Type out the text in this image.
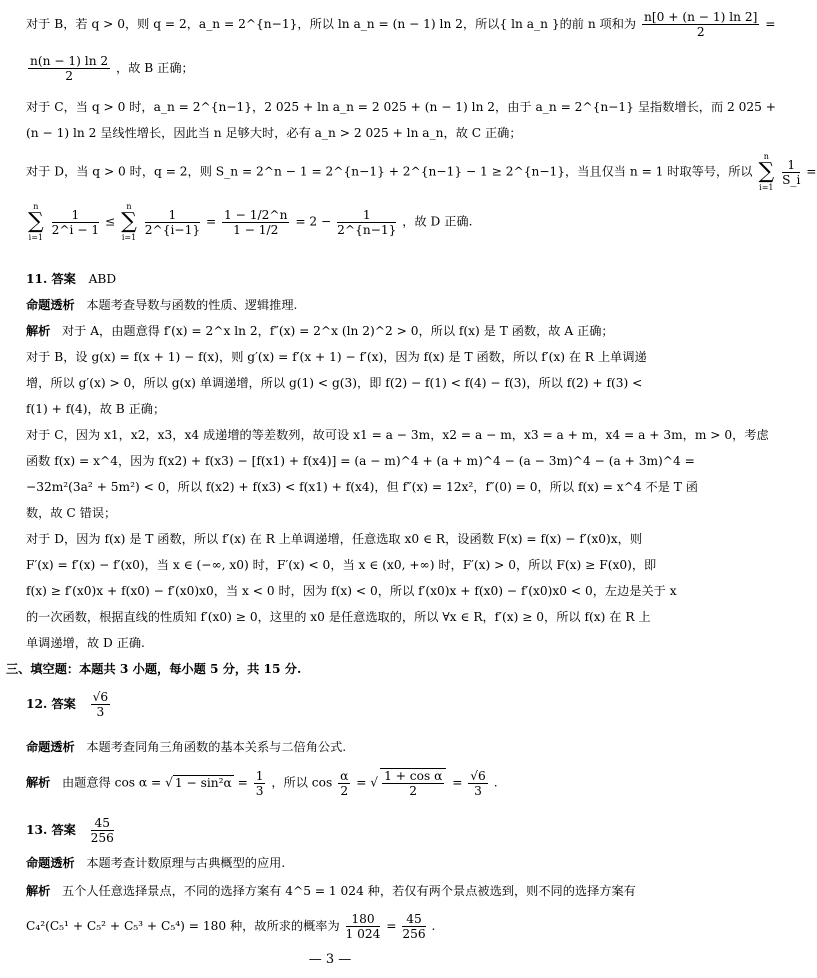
对于 B，若 q > 0，则 q = 2，a_n = 2^{n−1}，所以 ln a_n = (n − 1) ln 2，所以{ ln a_n }的前 n 项和为 $\frac{n[0 + (n - 1) \ln 2]}{2}$ =
$\frac{n(n - 1) \ln 2}{2}$ ，故 B 正确；
对于 C，当 q > 0 时，a_n = 2^{n−1}，2 025 + ln a_n = 2 025 + (n − 1) ln 2，由于 a_n = 2^{n−1} 呈指数增长，而 2 025 +
(n − 1) ln 2 呈线性增长，因此当 n 足够大时，必有 a_n > 2 025 + ln a_n，故 C 正确；
对于 D，当 q > 0 时，q = 2，则 S_n = 2^n − 1 = 2^{n−1} + 2^{n−1} − 1 ≥ 2^{n−1}，当且仅当 n = 1 时取等号，所以
n
∑
i=1

$\frac{1}{S\_i}$ =
n
∑
i=1

$\frac{1}{2\^{}i - 1}$ ≤
n
∑
i=1

$\frac{1}{2\^{}\{i-1\}} = \frac{1 - 1/2\^{}n}{1 - 1/2} = 2 - \frac{1}{2\^{}\{n-1\}}$ ，故 D 正确.
11. 答案 ABD
命题透析 本题考查导数与函数的性质、逻辑推理.
解析 对于 A，由题意得 f′(x) = 2^x ln 2，f″(x) = 2^x (ln 2)^2 > 0，所以 f(x) 是 T 函数，故 A 正确；
对于 B，设 g(x) = f(x + 1) − f(x)，则 g′(x) = f′(x + 1) − f′(x)，因为 f(x) 是 T 函数，所以 f′(x) 在 R 上单调递
增，所以 g′(x) > 0，所以 g(x) 单调递增，所以 g(1) < g(3)，即 f(2) − f(1) < f(4) − f(3)，所以 f(2) + f(3) <
f(1) + f(4)，故 B 正确；
对于 C，因为 x1，x2，x3，x4 成递增的等差数列，故可设 x1 = a − 3m，x2 = a − m，x3 = a + m，x4 = a + 3m，m > 0，考虑
函数 f(x) = x^4，因为 f(x2) + f(x3) − [f(x1) + f(x4)] = (a − m)^4 + (a + m)^4 − (a − 3m)^4 − (a + 3m)^4 =
−32m²(3a² + 5m²) < 0，所以 f(x2) + f(x3) < f(x1) + f(x4)，但 f″(x) = 12x²，f″(0) = 0，所以 f(x) = x^4 不是 T 函
数，故 C 错误；
对于 D，因为 f(x) 是 T 函数，所以 f′(x) 在 R 上单调递增，任意选取 x0 ∈ R，设函数 F(x) = f(x) − f′(x0)x，则
F′(x) = f′(x) − f′(x0)，当 x ∈ (−∞, x0) 时，F′(x) < 0，当 x ∈ (x0, +∞) 时，F′(x) > 0，所以 F(x) ≥ F(x0)，即
f(x) ≥ f′(x0)x + f(x0) − f′(x0)x0，当 x < 0 时，因为 f(x) < 0，所以 f′(x0)x + f(x0) − f′(x0)x0 < 0，左边是关于 x
的一次函数，根据直线的性质知 f′(x0) ≥ 0，这里的 x0 是任意选取的，所以 ∀x ∈ R，f′(x) ≥ 0，所以 f(x) 在 R 上
单调递增，故 D 正确.
三、填空题：本题共 3 小题，每小题 5 分，共 15 分.
12. 答案 $\frac{√6}{3}$
命题透析 本题考查同角三角函数的基本关系与二倍角公式.
解析 由题意得 cos α = √ $1 - \sin^2\alpha = \frac{1}{3}$ ，所以 $\cos \frac{\alpha}{2}$ = √ $\frac{\text{1 + cos α}}{2} = \frac{√6}{3}$ .
13. 答案 $\frac{45}{256}$
命题透析 本题考查计数原理与古典概型的应用.
解析 五个人任意选择景点，不同的选择方案有 4^5 = 1 024 种，若仅有两个景点被选到，则不同的选择方案有
C₄²(C₅¹ + C₅² + C₅³ + C₅⁴) = 180 种，故所求的概率为 $\frac{180}{1 024} = \frac{45}{256}$ .
— 3 —
